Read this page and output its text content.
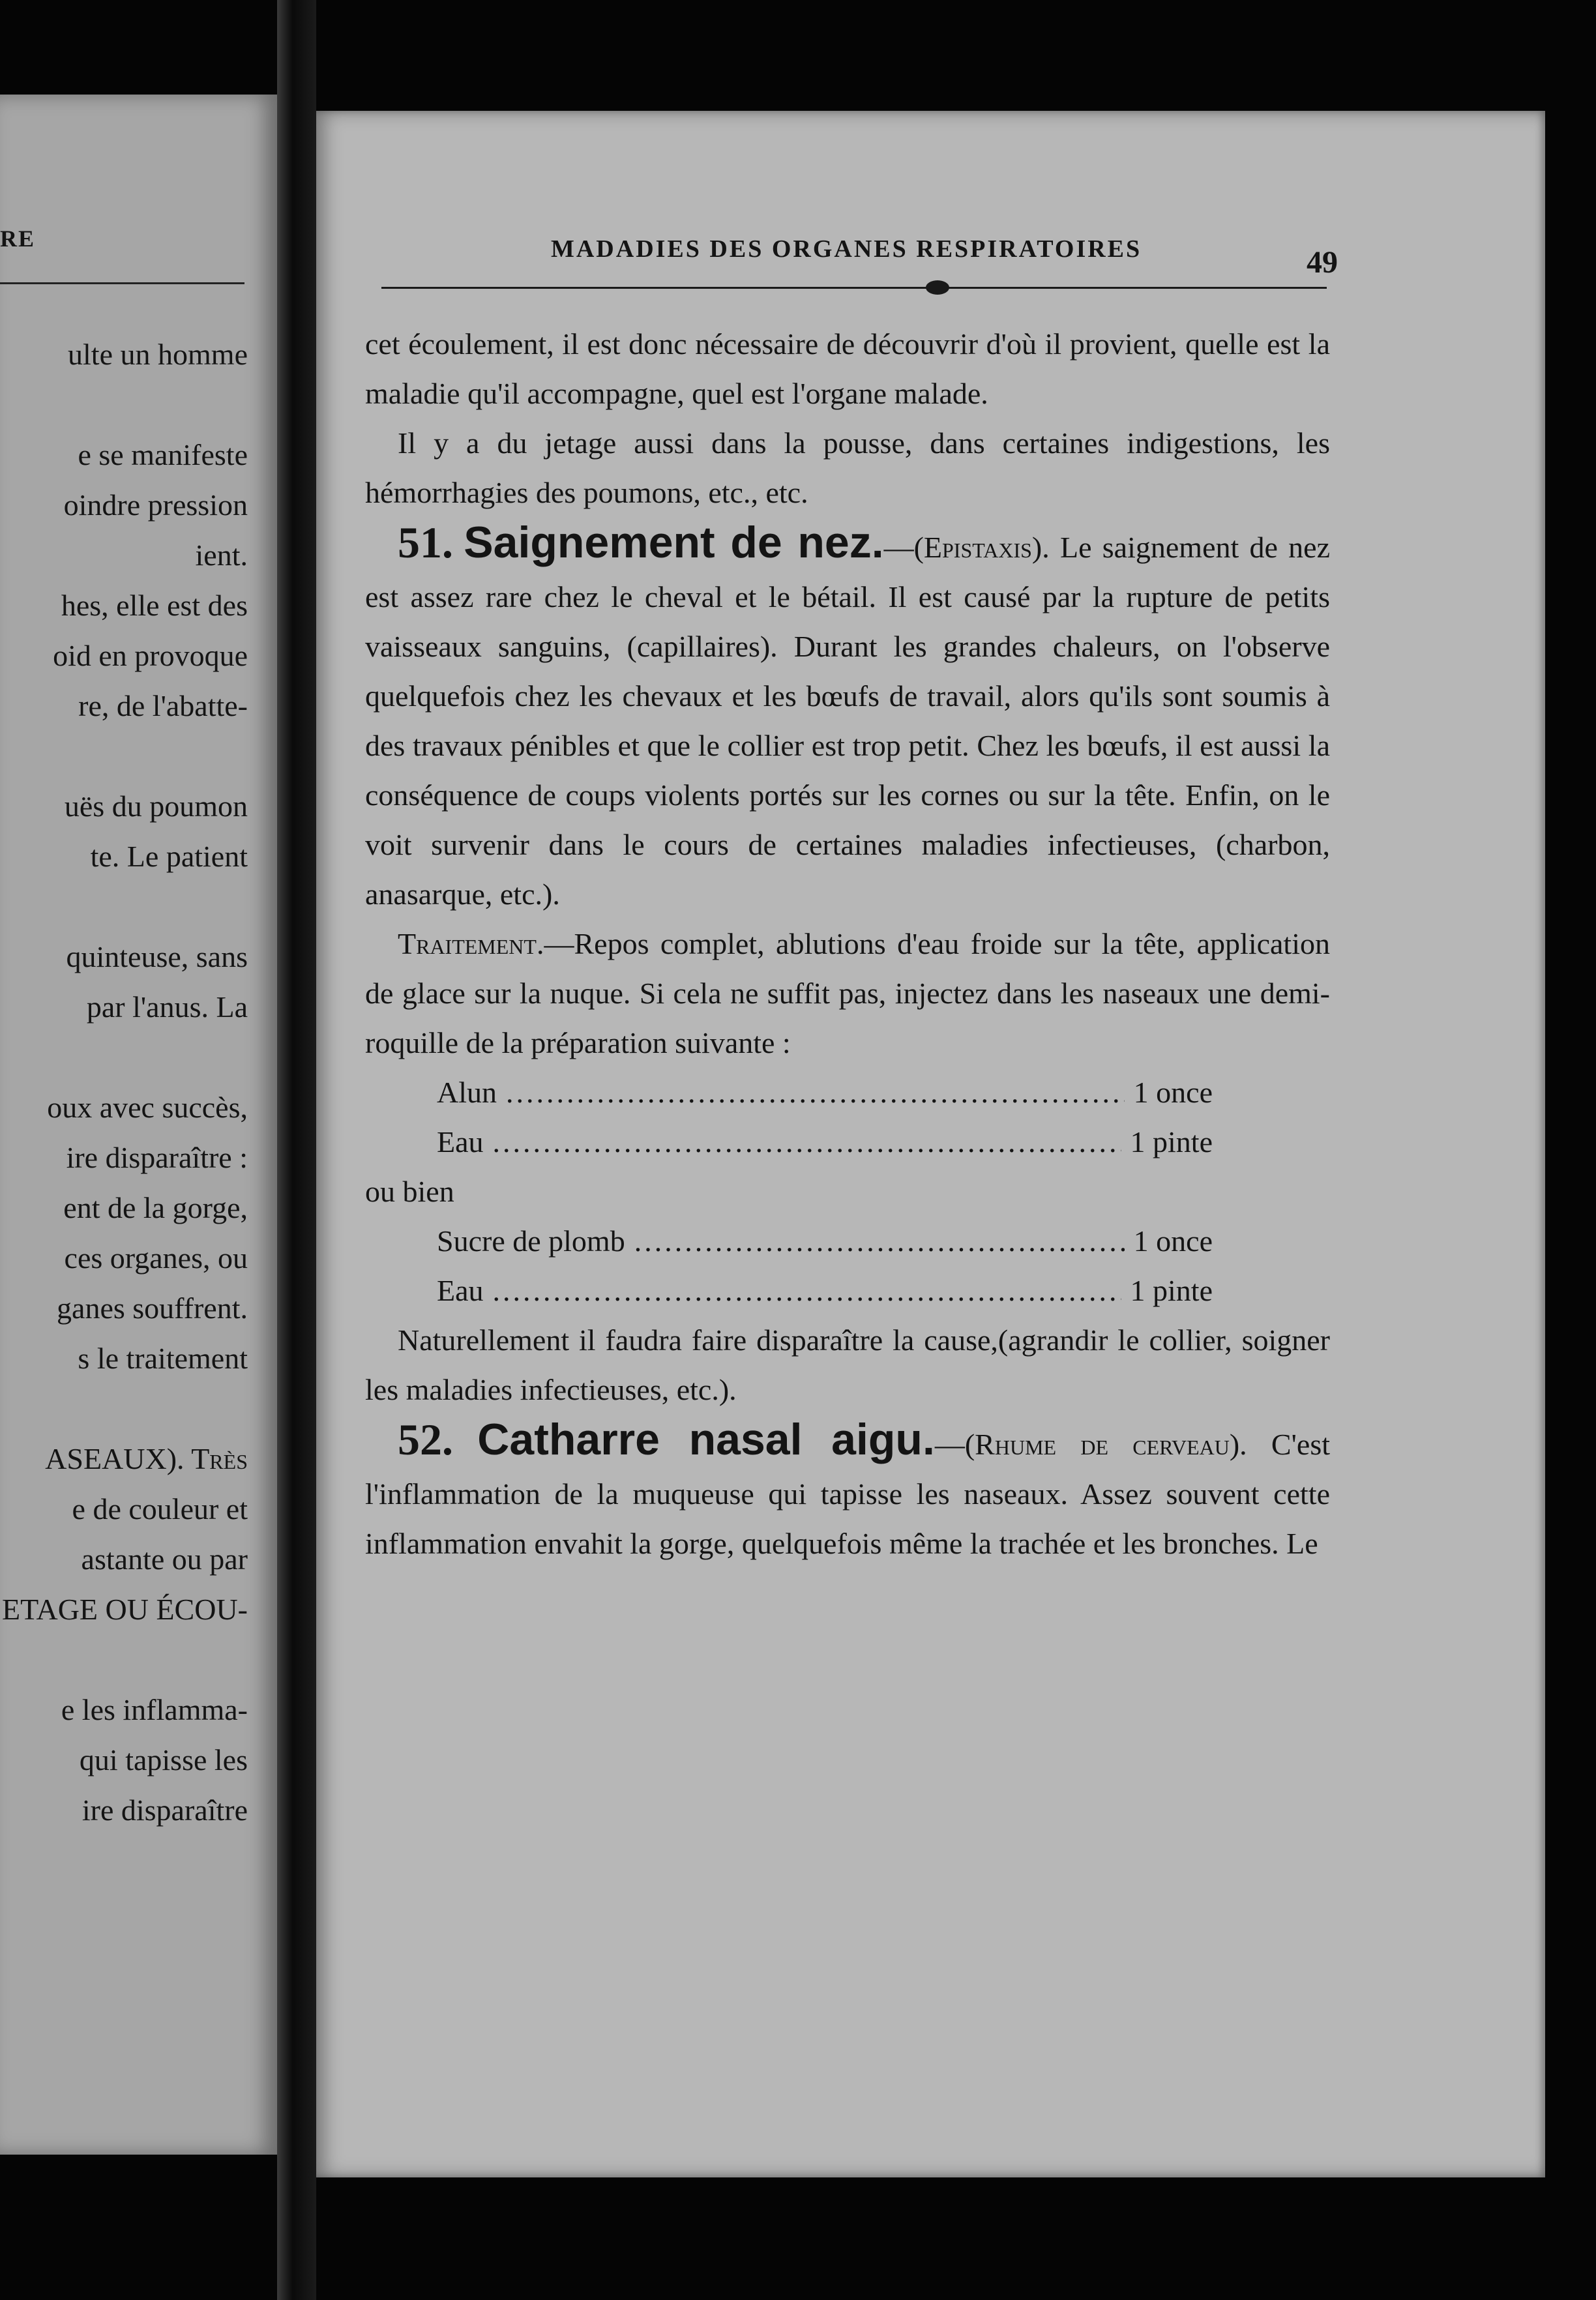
RE
ulte un homme

e se manifeste
oindre pression
ient.
hes, elle est des
oid en provoque
re, de l'abatte-

uës du poumon
te. Le patient

quinteuse, sans
par l'anus. La

oux avec succès,
ire disparaître :
ent de la gorge,
ces organes, ou
ganes souffrent.
s le traitement

ASEAUX). Très
e de couleur et
astante ou par
ETAGE OU ÉCOU-

e les inflamma-
qui tapisse les
ire disparaître
MADADIES DES ORGANES RESPIRATOIRES	49

cet écoulement, il est donc nécessaire de découvrir d'où il provient, quelle est la maladie qu'il accompagne, quel est l'organe malade.

Il y a du jetage aussi dans la pousse, dans certaines indigestions, les hémorrhagies des poumons, etc., etc.

51. Saignement de nez.—(Epistaxis). Le saignement de nez est assez rare chez le cheval et le bétail. Il est causé par la rupture de petits vaisseaux sanguins, (capillaires). Durant les grandes chaleurs, on l'observe quelquefois chez les chevaux et les bœufs de travail, alors qu'ils sont soumis à des travaux pénibles et que le collier est trop petit. Chez les bœufs, il est aussi la conséquence de coups violents portés sur les cornes ou sur la tête. Enfin, on le voit survenir dans le cours de certaines maladies infectieuses, (charbon, anasarque, etc.).

Traitement.—Repos complet, ablutions d'eau froide sur la tête, application de glace sur la nuque. Si cela ne suffit pas, injectez dans les naseaux une demi-roquille de la préparation suivante :

Alun .....	1 once
Eau .....	1 pinte

ou bien

Sucre de plomb .....	1 once
Eau .....	1 pinte

Naturellement il faudra faire disparaître la cause,(agrandir le collier, soigner les maladies infectieuses, etc.).

52. Catharre nasal aigu.—(Rhume de cerveau). C'est l'inflammation de la muqueuse qui tapisse les naseaux. Assez souvent cette inflammation envahit la gorge, quelquefois même la trachée et les bronches. Le
